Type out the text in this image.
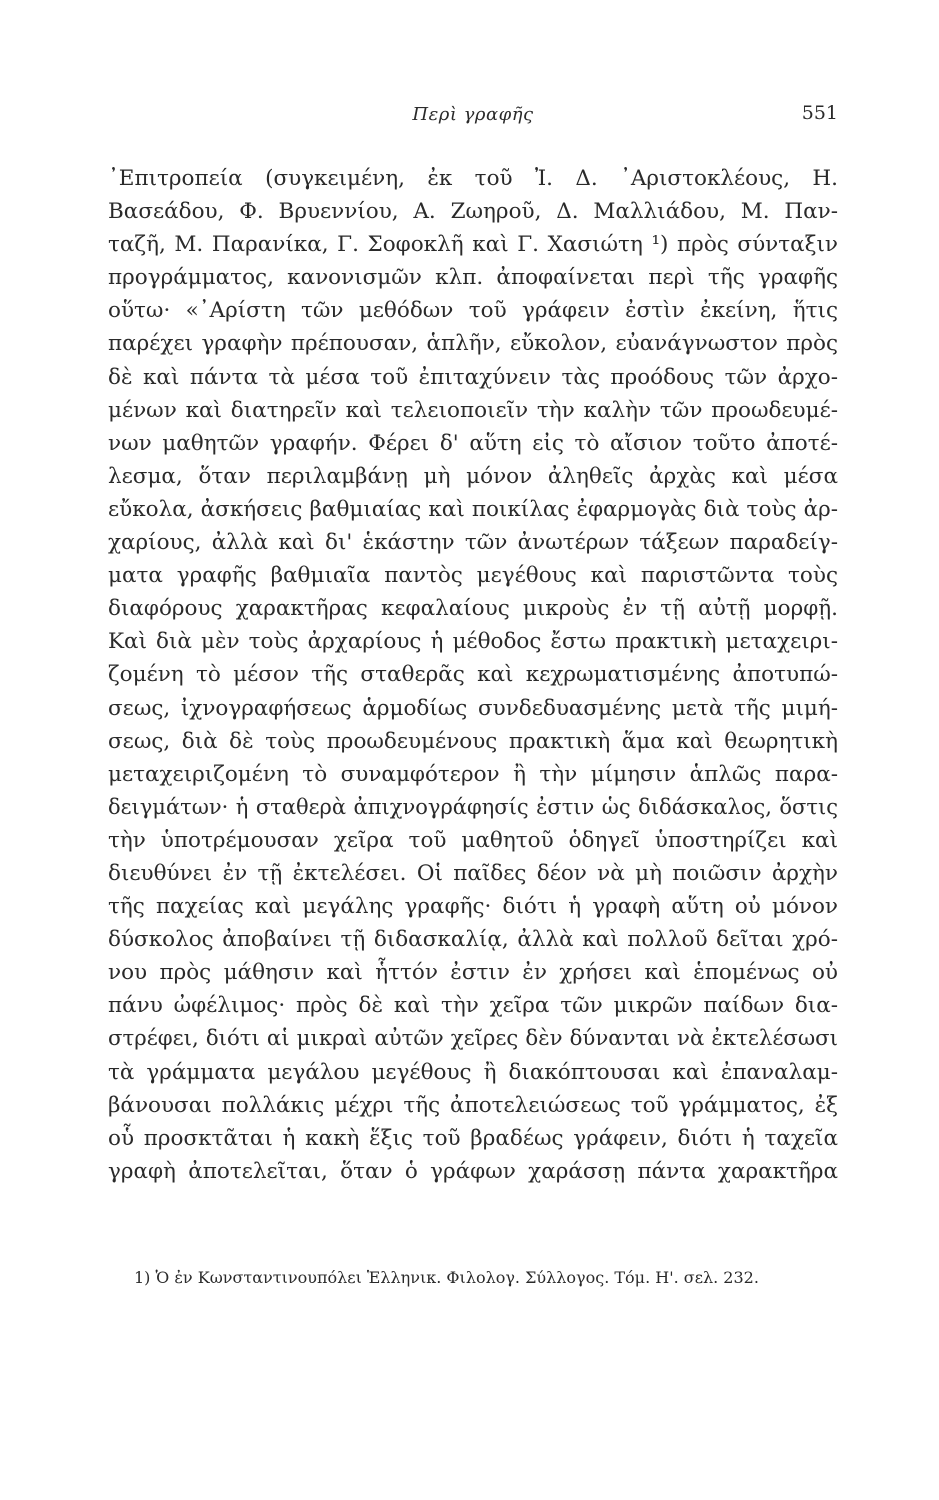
Περὶ γραφῆς	551
᾿Επιτροπεία (συγκειμένη, ἐκ τοῦ Ἰ. Δ. ᾿Αριστοκλέους, Η.
Βασεάδου, Φ. Βρυεννίου, Α. Ζωηροῦ, Δ. Μαλλιάδου, Μ. Παν-
ταζῆ, Μ. Παρανίκα, Γ. Σοφοκλῆ καὶ Γ. Χασιώτη ¹) πρὸς σύνταξιν
προγράμματος, κανονισμῶν κλπ. ἀποφαίνεται περὶ τῆς γραφῆς
οὕτω· «᾿Αρίστη τῶν μεθόδων τοῦ γράφειν ἐστὶν ἐκείνη, ἥτις
παρέχει γραφὴν πρέπουσαν, ἁπλῆν, εὔκολον, εὐανάγνωστον πρὸς
δὲ καὶ πάντα τὰ μέσα τοῦ ἐπιταχύνειν τὰς προόδους τῶν ἀρχο-
μένων καὶ διατηρεῖν καὶ τελειοποιεῖν τὴν καλὴν τῶν προωδευμέ-
νων μαθητῶν γραφήν. Φέρει δ' αὕτη εἰς τὸ αἴσιον τοῦτο ἀποτέ-
λεσμα, ὅταν περιλαμβάνῃ μὴ μόνον ἀληθεῖς ἀρχὰς καὶ μέσα
εὔκολα, ἀσκήσεις βαθμιαίας καὶ ποικίλας ἐφαρμογὰς διὰ τοὺς ἀρ-
χαρίους, ἀλλὰ καὶ δι' ἑκάστην τῶν ἀνωτέρων τάξεων παραδείγ-
ματα γραφῆς βαθμιαῖα παντὸς μεγέθους καὶ παριστῶντα τοὺς
διαφόρους χαρακτῆρας κεφαλαίους μικροὺς ἐν τῇ αὐτῇ μορφῇ.
Καὶ διὰ μὲν τοὺς ἀρχαρίους ἡ μέθοδος ἔστω πρακτικὴ μεταχειρι-
ζομένη τὸ μέσον τῆς σταθερᾶς καὶ κεχρωματισμένης ἀποτυπώ-
σεως, ἰχνογραφήσεως ἁρμοδίως συνδεδυασμένης μετὰ τῆς μιμή-
σεως, διὰ δὲ τοὺς προωδευμένους πρακτικὴ ἅμα καὶ θεωρητικὴ
μεταχειριζομένη τὸ συναμφότερον ἢ τὴν μίμησιν ἁπλῶς παρα-
δειγμάτων· ἡ σταθερὰ ἀπιχνογράφησίς ἐστιν ὡς διδάσκαλος, ὅστις
τὴν ὑποτρέμουσαν χεῖρα τοῦ μαθητοῦ ὁδηγεῖ ὑποστηρίζει καὶ
διευθύνει ἐν τῇ ἐκτελέσει. Οἱ παῖδες δέον νὰ μὴ ποιῶσιν ἀρχὴν
τῆς παχείας καὶ μεγάλης γραφῆς· διότι ἡ γραφὴ αὕτη οὐ μόνον
δύσκολος ἀποβαίνει τῇ διδασκαλίᾳ, ἀλλὰ καὶ πολλοῦ δεῖται χρό-
νου πρὸς μάθησιν καὶ ἧττόν ἐστιν ἐν χρήσει καὶ ἑπομένως οὐ
πάνυ ὠφέλιμος· πρὸς δὲ καὶ τὴν χεῖρα τῶν μικρῶν παίδων δια-
στρέφει, διότι αἱ μικραὶ αὐτῶν χεῖρες δὲν δύνανται νὰ ἐκτελέσωσι
τὰ γράμματα μεγάλου μεγέθους ἢ διακόπτουσαι καὶ ἐπαναλαμ-
βάνουσαι πολλάκις μέχρι τῆς ἀποτελειώσεως τοῦ γράμματος, ἐξ
οὗ προσκτᾶται ἡ κακὴ ἕξις τοῦ βραδέως γράφειν, διότι ἡ ταχεῖα
γραφὴ ἀποτελεῖται, ὅταν ὁ γράφων χαράσσῃ πάντα χαρακτῆρα
1) Ὁ ἐν Κωνσταντινουπόλει Ἑλληνικ. Φιλολογ. Σύλλογος. Τόμ. Η'. σελ. 232.
